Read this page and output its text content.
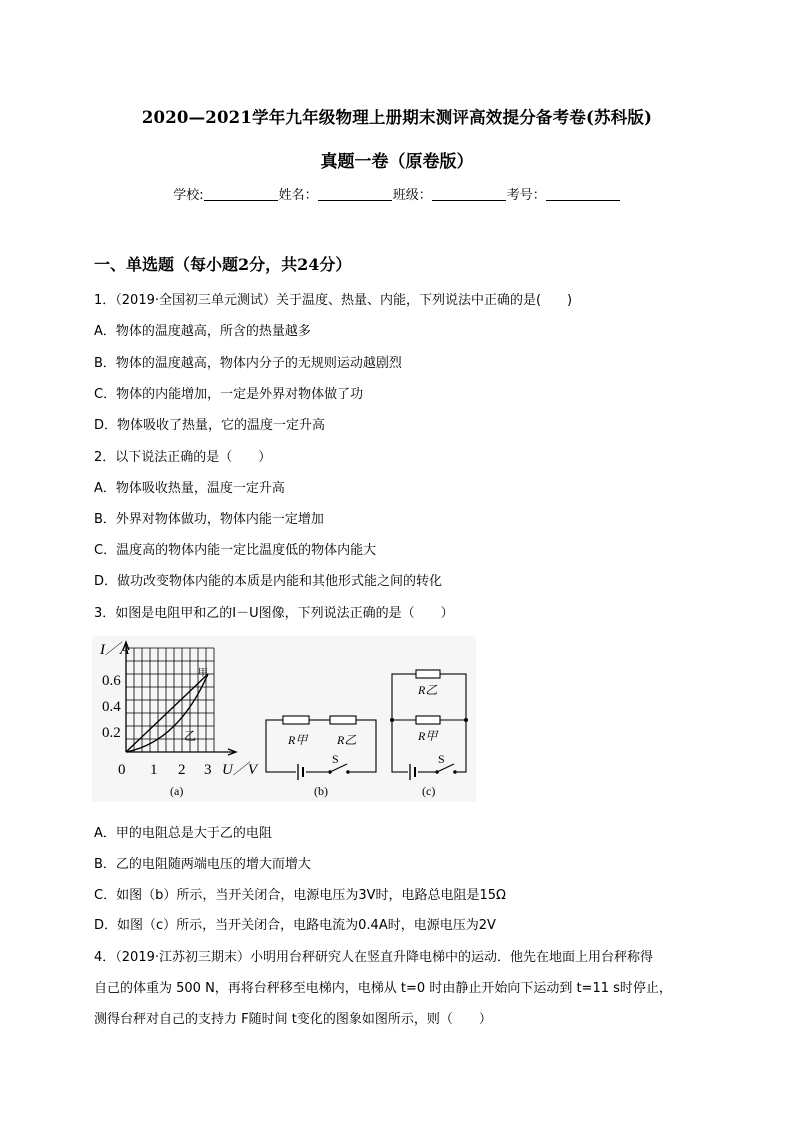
2020—2021学年九年级物理上册期末测评高效提分备考卷(苏科版)
真题一卷（原卷版）
学校:	姓名：	班级：	考号：
一、单选题（每小题2分，共24分）
1．（2019·全国初三单元测试）关于温度、热量、内能，下列说法中正确的是(　　)
A．物体的温度越高，所含的热量越多
B．物体的温度越高，物体内分子的无规则运动越剧烈
C．物体的内能增加，一定是外界对物体做了功
D．物体吸收了热量，它的温度一定升高
2．以下说法正确的是（　　）
A．物体吸收热量，温度一定升高
B．外界对物体做功，物体内能一定增加
C．温度高的物体内能一定比温度低的物体内能大
D．做功改变物体内能的本质是内能和其他形式能之间的转化
3．如图是电阻甲和乙的I－U图像，下列说法正确的是（　　）
I／A
0.6
0.4
0.2
0 1 2 3 U／V
甲
乙
(a)
R甲 R乙
S
(b)
R乙
R甲
S
(c)
A．甲的电阻总是大于乙的电阻
B．乙的电阻随两端电压的增大而增大
C．如图（b）所示，当开关闭合，电源电压为3V时，电路总电阻是15Ω
D．如图（c）所示，当开关闭合，电路电流为0.4A时，电源电压为2V
4．（2019·江苏初三期末）小明用台秤研究人在竖直升降电梯中的运动．他先在地面上用台秤称得
自己的体重为 500 N，再将台秤移至电梯内，电梯从 t=0 时由静止开始向下运动到 t=11 s时停止，
测得台秤对自己的支持力 F随时间 t变化的图象如图所示，则（　　）
